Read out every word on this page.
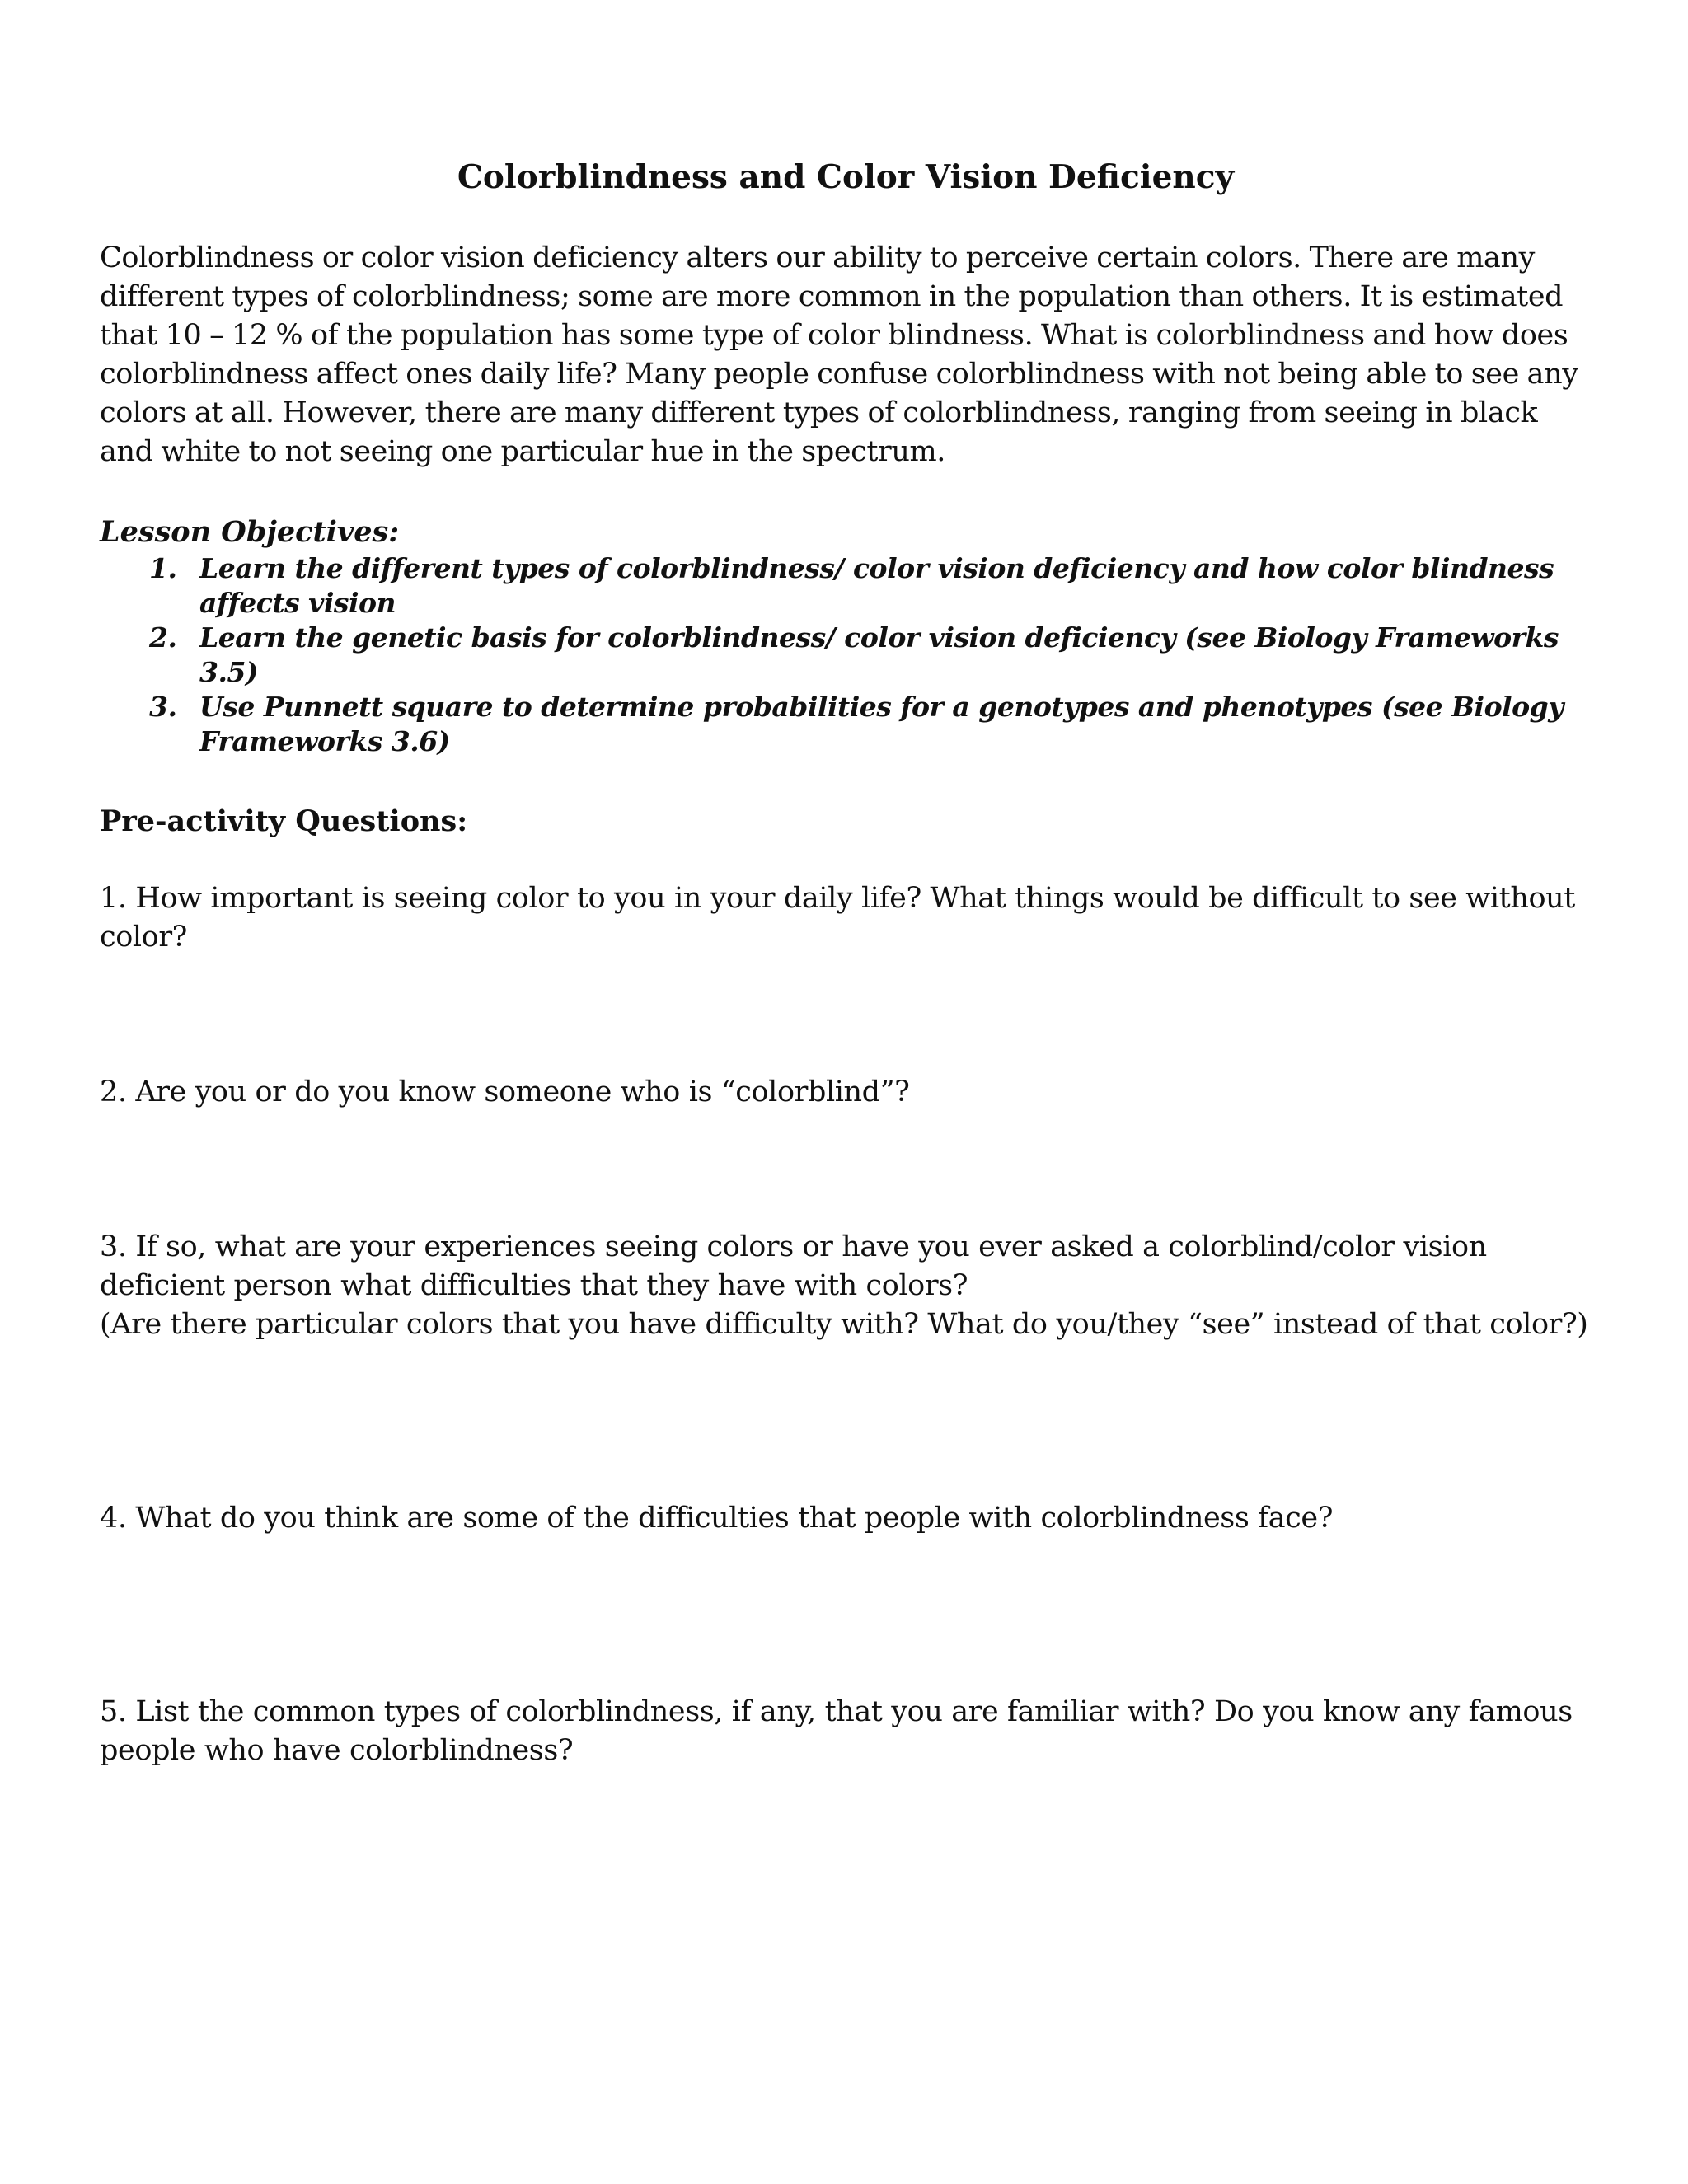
Colorblindness and Color Vision Deficiency

Colorblindness or color vision deficiency alters our ability to perceive certain colors. There are many different types of colorblindness; some are more common in the population than others. It is estimated that 10 – 12 % of the population has some type of color blindness. What is colorblindness and how does colorblindness affect ones daily life? Many people confuse colorblindness with not being able to see any colors at all. However, there are many different types of colorblindness, ranging from seeing in black and white to not seeing one particular hue in the spectrum.

Lesson Objectives:
1. Learn the different types of colorblindness/ color vision deficiency and how color blindness affects vision
2. Learn the genetic basis for colorblindness/ color vision deficiency (see Biology Frameworks 3.5)
3. Use Punnett square to determine probabilities for a genotypes and phenotypes (see Biology Frameworks 3.6)
Pre-activity Questions:

1. How important is seeing color to you in your daily life? What things would be difficult to see without color?

2. Are you or do you know someone who is “colorblind”?

3. If so, what are your experiences seeing colors or have you ever asked a colorblind/color vision deficient person what difficulties that they have with colors?

(Are there particular colors that you have difficulty with? What do you/they “see” instead of that color?)

4. What do you think are some of the difficulties that people with colorblindness face?

5. List the common types of colorblindness, if any, that you are familiar with? Do you know any famous people who have colorblindness?
